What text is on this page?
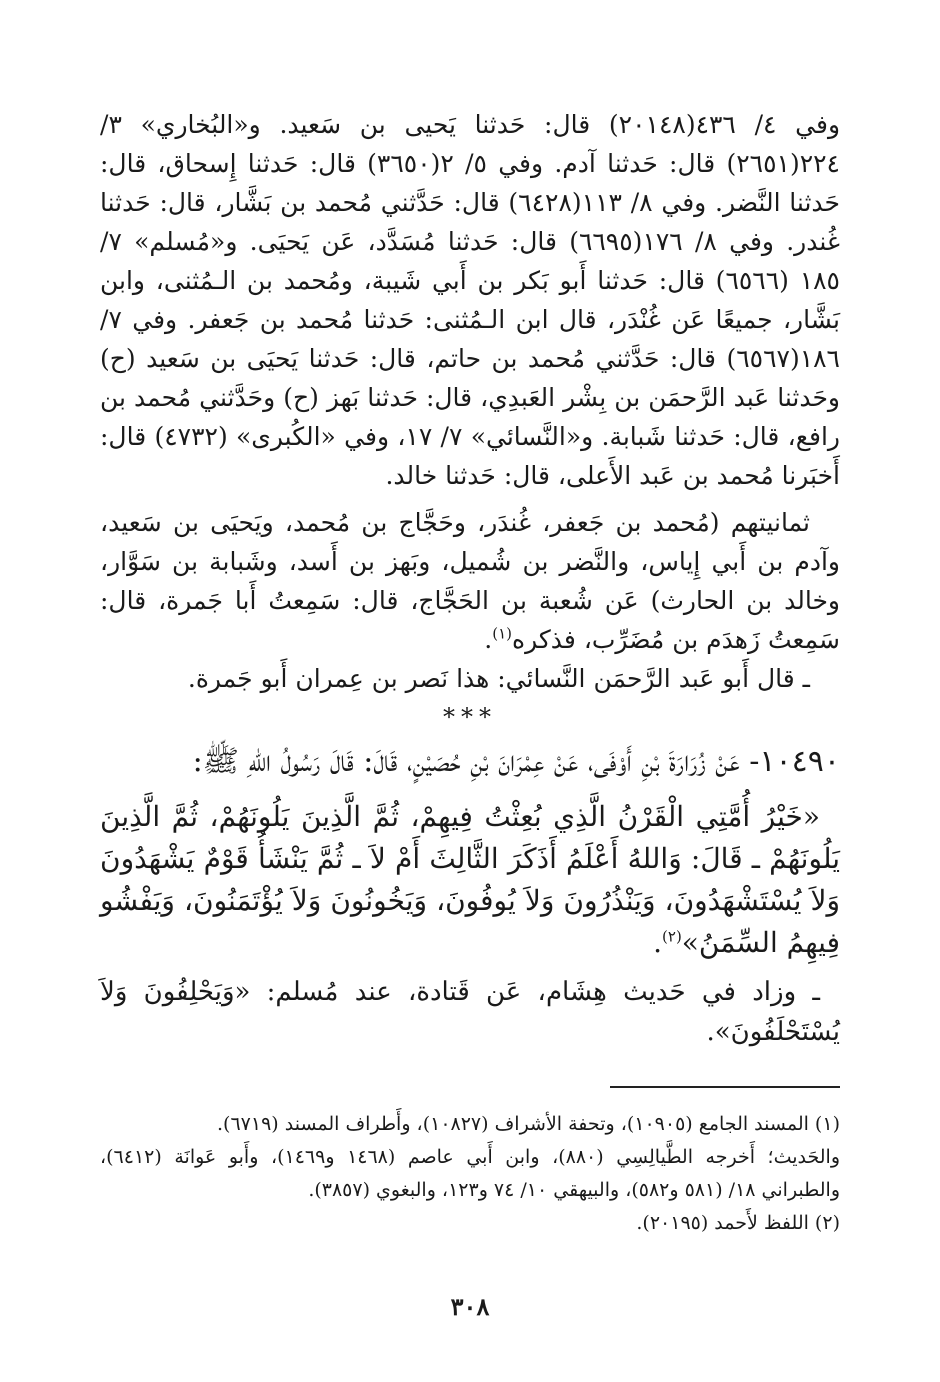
وفي ٤/ ٤٣٦(٢٠١٤٨) قال: حَدثنا يَحيى بن سَعيد. و«البُخاري» ٣/ ٢٢٤(٢٦٥١) قال: حَدثنا آدم. وفي ٥/ ٢(٣٦٥٠) قال: حَدثنا إِسحاق، قال: حَدثنا النَّضر. وفي ٨/ ١١٣(٦٤٢٨) قال: حَدَّثني مُحمد بن بَشَّار، قال: حَدثنا غُندر. وفي ٨/ ١٧٦(٦٦٩٥) قال: حَدثنا مُسَدَّد، عَن يَحيَى. و«مُسلم» ٧/ ١٨٥ (٦٥٦٦) قال: حَدثنا أَبو بَكر بن أَبي شَيبة، ومُحمد بن الـمُثنى، وابن بَشَّار، جميعًا عَن غُنْدَر، قال ابن الـمُثنى: حَدثنا مُحمد بن جَعفر. وفي ٧/ ١٨٦(٦٥٦٧) قال: حَدَّثني مُحمد بن حاتم، قال: حَدثنا يَحيَى بن سَعيد (ح) وحَدثنا عَبد الرَّحمَن بن بِشْر العَبدِي، قال: حَدثنا بَهز (ح) وحَدَّثني مُحمد بن رافع، قال: حَدثنا شَبابة. و«النَّسائي» ٧/ ١٧، وفي «الكُبرى» (٤٧٣٢) قال: أَخبَرنا مُحمد بن عَبد الأَعلى، قال: حَدثنا خالد.

ثمانيتهم (مُحمد بن جَعفر، غُندَر، وحَجَّاج بن مُحمد، ويَحيَى بن سَعيد، وآدم بن أَبي إِياس، والنَّضر بن شُميل، وبَهز بن أَسد، وشَبابة بن سَوَّار، وخالد بن الحارث) عَن شُعبة بن الحَجَّاج، قال: سَمِعتُ أَبا جَمرة، قال: سَمِعتُ زَهدَم بن مُضَرِّب، فذكره$^{(١)}$.

ـ قال أَبو عَبد الرَّحمَن النَّسائي: هذا نَصر بن عِمران أَبو جَمرة.

***

١٠٤٩٠- عَنْ زُرَارَةَ بْنِ أَوْفَى، عَنْ عِمْرَانَ بْنِ حُصَيْنٍ، قَالَ: قَالَ رَسُولُ اللهِ ﷺ:

«خَيْرُ أُمَّتِي الْقَرْنُ الَّذِي بُعِثْتُ فِيهِمْ، ثُمَّ الَّذِينَ يَلُونَهُمْ، ثُمَّ الَّذِينَ يَلُونَهُمْ ـ قَالَ: وَاللهُ أَعْلَمُ أَذَكَرَ الثَّالِثَ أَمْ لاَ ـ ثُمَّ يَنْشَأُ قَوْمٌ يَشْهَدُونَ وَلاَ يُسْتَشْهَدُونَ، وَيَنْذُرُونَ وَلاَ يُوفُونَ، وَيَخُونُونَ وَلاَ يُؤْتَمَنُونَ، وَيَفْشُو فِيهِمُ السِّمَنُ»$^{(٢)}$.

ـ وزاد في حَديث هِشَام، عَن قَتادة، عند مُسلم: «وَيَحْلِفُونَ وَلاَ يُسْتَحْلَفُونَ».

(١) المسند الجامع (١٠٩٠٥)، وتحفة الأشراف (١٠٨٢٧)، وأَطراف المسند (٦٧١٩).

والحَديث؛ أَخرجه الطَّيالِسِي (٨٨٠)، وابن أَبي عاصم (١٤٦٨ و١٤٦٩)، وأَبو عَوانَة (٦٤١٢)، والطبراني ١٨/ (٥٨١ و٥٨٢)، والبيهقي ١٠/ ٧٤ و١٢٣، والبغوي (٣٨٥٧).

(٢) اللفظ لأَحمد (٢٠١٩٥).

٣٠٨
